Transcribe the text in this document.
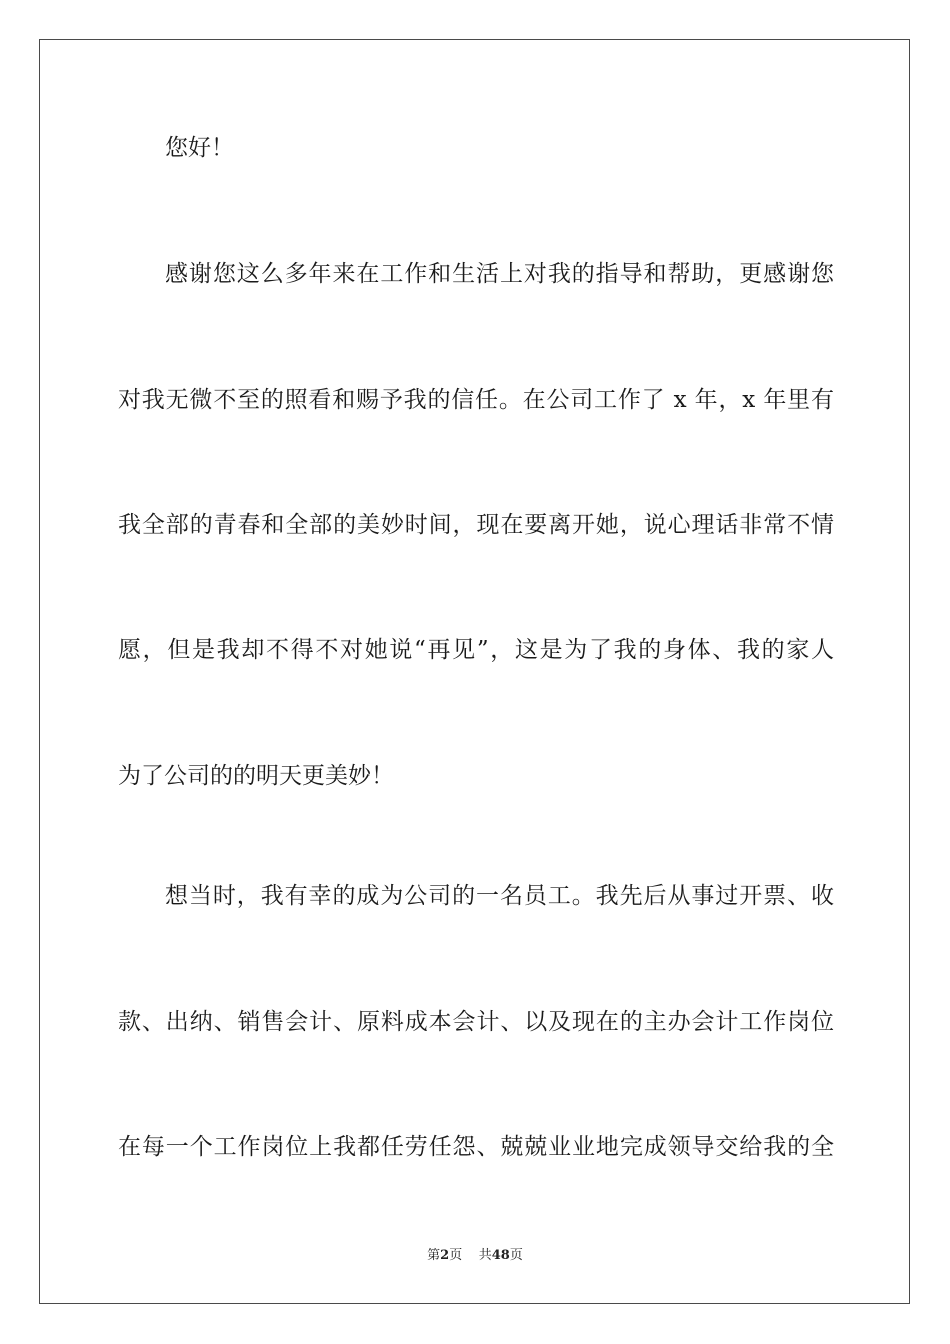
您好！
感谢您这么多年来在工作和生活上对我的指导和帮助，更感谢您
对我无微不至的照看和赐予我的信任。在公司工作了 x 年，x 年里有
我全部的青春和全部的美妙时间，现在要离开她，说心理话非常不情
愿，但是我却不得不对她说“再见”，这是为了我的身体、我的家人
为了公司的的明天更美妙！
想当时，我有幸的成为公司的一名员工。我先后从事过开票、收
款、出纳、销售会计、原料成本会计、以及现在的主办会计工作岗位
在每一个工作岗位上我都任劳任怨、兢兢业业地完成领导交给我的全
第2页 共48页
